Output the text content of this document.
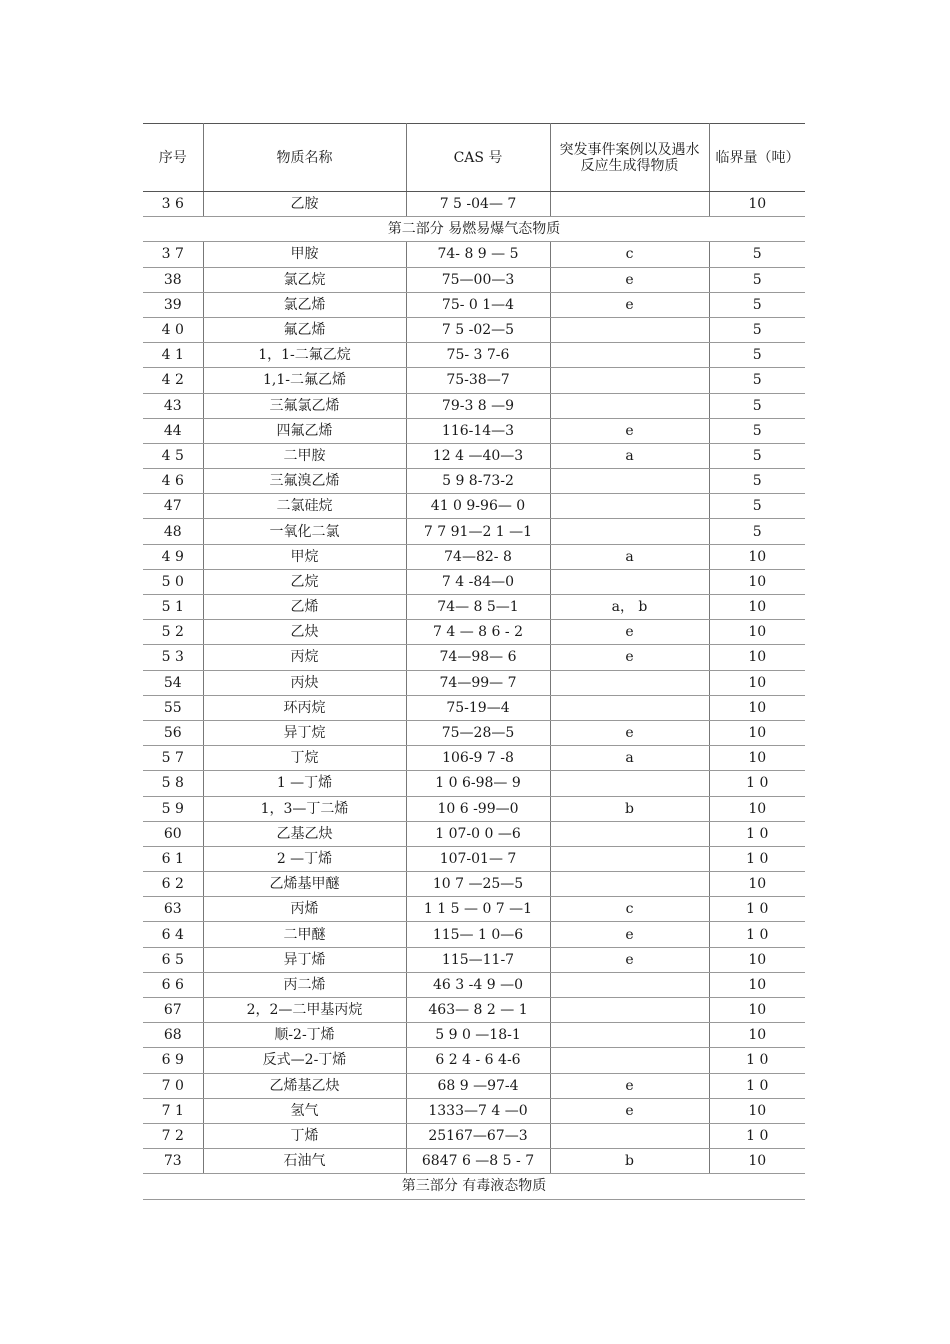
序号	物质名称	CAS 号	突发事件案例以及遇水反应生成得物质	临界量（吨）
3 6	乙胺	7 5 -04— 7		10
第二部分 易燃易爆气态物质				
3 7	甲胺	74- 8 9 — 5	c	5
38	氯乙烷	75—00—3	e	5
39	氯乙烯	75- 0 1—4	e	5
4 0	氟乙烯	7 5 -02—5		5
4 1	1，1-二氟乙烷	75- 3 7-6		5
4 2	1,1-二氟乙烯	75-38—7		5
43	三氟氯乙烯	79-3 8 —9		5
44	四氟乙烯	116-14—3	e	5
4 5	二甲胺	12 4 —40—3	a	5
4 6	三氟溴乙烯	5 9 8-73-2		5
47	二氯硅烷	41 0 9-96— 0		5
48	一氧化二氯	7 7 91—2 1 —1		5
4 9	甲烷	74—82- 8	a	10
5 0	乙烷	7 4 -84—0		10
5 1	乙烯	74— 8 5—1	a， b	10
5 2	乙炔	7 4 — 8 6 - 2	e	10
5 3	丙烷	74—98— 6	e	10
54	丙炔	74—99— 7		10
55	环丙烷	75-19—4		10
56	异丁烷	75—28—5	e	10
5 7	丁烷	106-9 7 -8	a	10
5 8	1 —丁烯	1 0 6-98— 9		1 0
5 9	1，3—丁二烯	10 6 -99—0	b	10
60	乙基乙炔	1 07-0 0 —6		1 0
6 1	2 —丁烯	107-01— 7		1 0
6 2	乙烯基甲醚	10 7 —25—5		10
63	丙烯	1 1 5 — 0 7 —1	c	1 0
6 4	二甲醚	115— 1 0—6	e	1 0
6 5	异丁烯	115—11-7	e	10
6 6	丙二烯	46 3 -4 9 —0		10
67	2，2—二甲基丙烷	463— 8 2 — 1		10
68	顺-2-丁烯	5 9 0 —18-1		10
6 9	反式—2-丁烯	6 2 4 - 6 4-6		1 0
7 0	乙烯基乙炔	68 9 —97-4	e	1 0
7 1	氢气	1333—7 4 —0	e	10
7 2	丁烯	25167—67—3		1 0
73	石油气	6847 6 —8 5 - 7	b	10
第三部分 有毒液态物质				
